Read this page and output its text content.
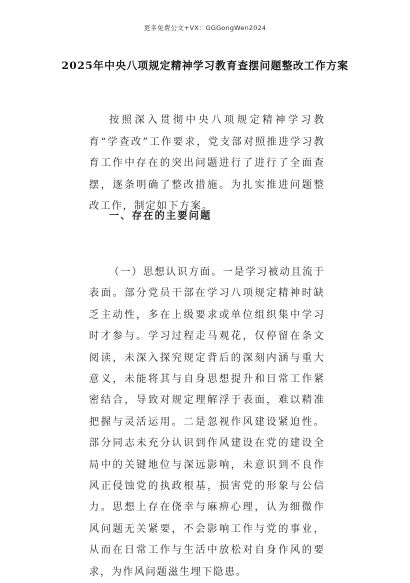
更多免费公文+VX：GGGongWen2024
2025年中央八项规定精神学习教育查摆问题整改工作方案

按照深入贯彻中央八项规定精神学习教育“学查改”工作要求，党支部对照推进学习教育工作中存在的突出问题进行了进行了全面查摆，逐条明确了整改措施。为扎实推进问题整改工作，制定如下方案。

一、存在的主要问题

（一）思想认识方面。一是学习被动且流于表面。部分党员干部在学习八项规定精神时缺乏主动性，多在上级要求或单位组织集中学习时才参与。学习过程走马观花，仅停留在条文阅读，未深入探究规定背后的深刻内涵与重大意义，未能将其与自身思想提升和日常工作紧密结合，导致对规定理解浮于表面，难以精准把握与灵活运用。二是忽视作风建设紧迫性。部分同志未充分认识到作风建设在党的建设全局中的关键地位与深远影响，未意识到不良作风正侵蚀党的执政根基，损害党的形象与公信力。思想上存在侥幸与麻痹心理，认为细微作风问题无关紧要，不会影响工作与党的事业，从而在日常工作与生活中放松对自身作风的要求，为作风问题滋生埋下隐患。
